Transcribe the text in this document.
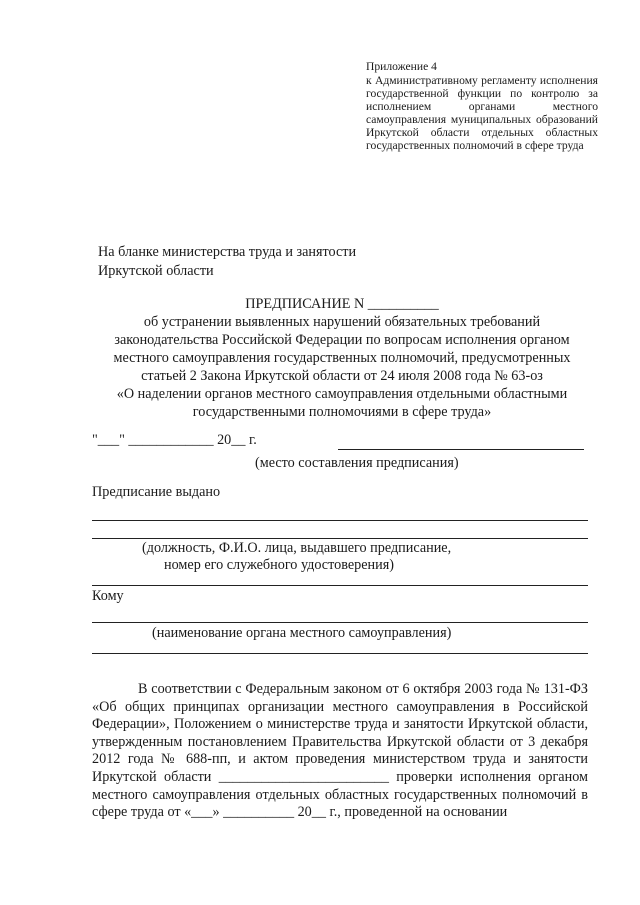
Приложение 4
к Административному регламенту исполнения государственной функции по контролю за исполнением органами местного самоуправления муниципальных образований Иркутской области отдельных областных государственных полномочий в сфере труда
На бланке министерства труда и занятости
Иркутской области
ПРЕДПИСАНИЕ N __________
об устранении выявленных нарушений обязательных требований
законодательства Российской Федерации по вопросам исполнения органом
местного самоуправления государственных полномочий, предусмотренных
статьей 2 Закона Иркутской области от 24 июля 2008 года № 63-оз
«О наделении органов местного самоуправления отдельными областными
государственными полномочиями в сфере труда»
"___" ____________ 20__ г.
(место составления предписания)
Предписание выдано
(должность, Ф.И.О. лица, выдавшего предписание,
номер его служебного удостоверения)
Кому
(наименование органа местного самоуправления)
В соответствии с Федеральным законом от 6 октября 2003 года № 131-ФЗ «Об общих принципах организации местного самоуправления в Российской Федерации», Положением о министерстве труда и занятости Иркутской области, утвержденным постановлением Правительства Иркутской области от 3 декабря 2012 года № 688-пп, и актом проведения министерством труда и занятости Иркутской области ________________________ проверки исполнения органом местного самоуправления отдельных областных государственных полномочий в сфере труда от «___» __________ 20__ г., проведенной на основании
